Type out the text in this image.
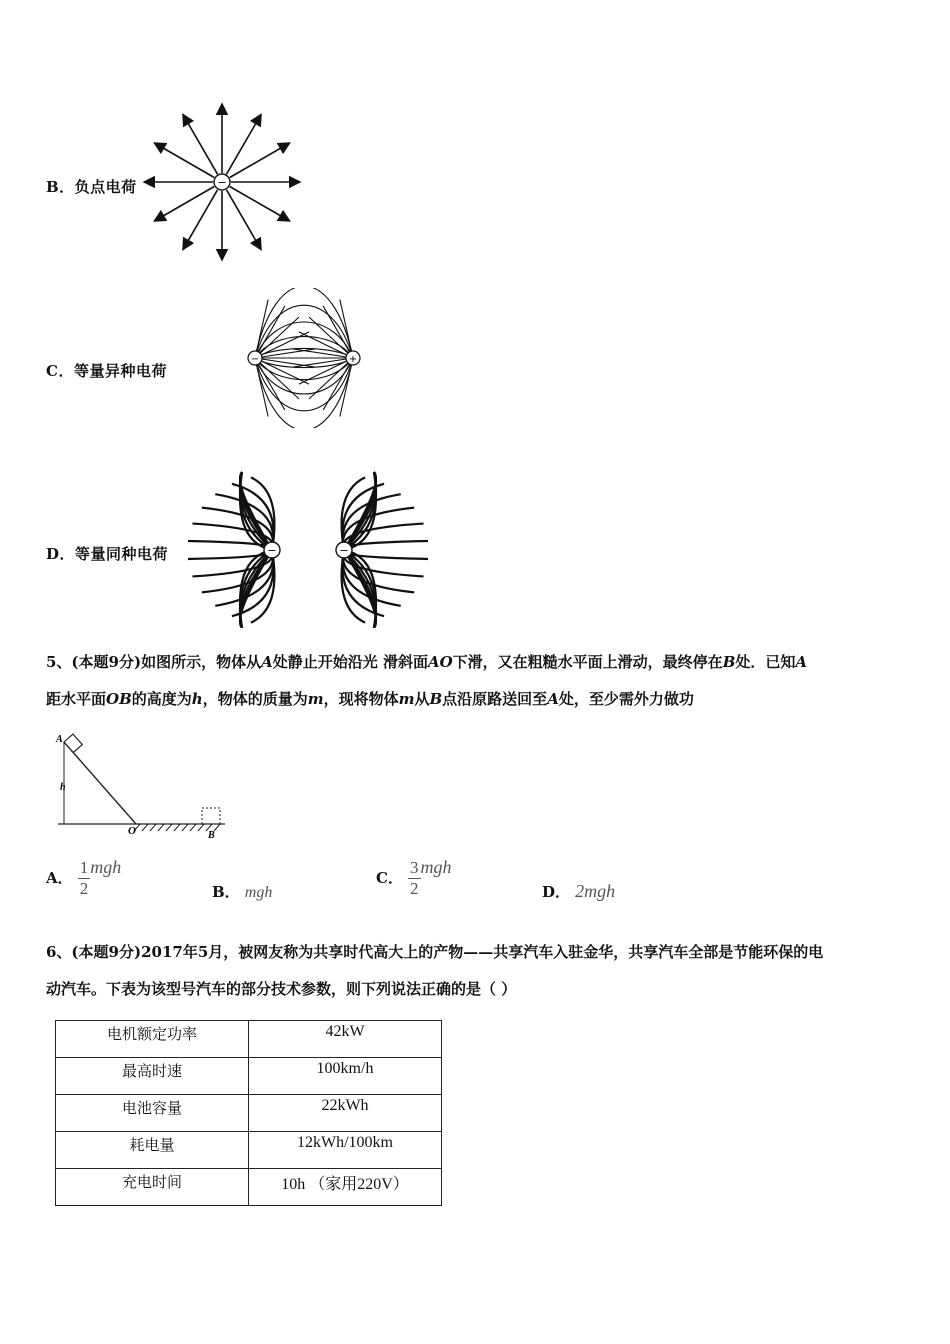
B．负点电荷	−
C．等量异种电荷
−	+
D．等量同种电荷	−	−
5、(本题9分)如图所示，物体从A处静止开始沿光 滑斜面AO下滑，又在粗糙水平面上滑动，最终停在B处．已知A
距水平面OB的高度为h，物体的质量为m，现将物体m从B点沿原路送回至A处，至少需外力做功
A
h
O	B
A． $\frac{1}{2}$ mgh
B． mgh
C． $\frac{3}{2}$ mgh
D． 2mgh
6、(本题9分)2017年5月，被网友称为共享时代高大上的产物——共享汽车入驻金华，共享汽车全部是节能环保的电
动汽车。下表为该型号汽车的部分技术参数，则下列说法正确的是（ ）
电机额定功率	42kW
最高时速	100km/h
电池容量	22kWh
耗电量	12kWh/100km
充电时间	10h （家用220V）
